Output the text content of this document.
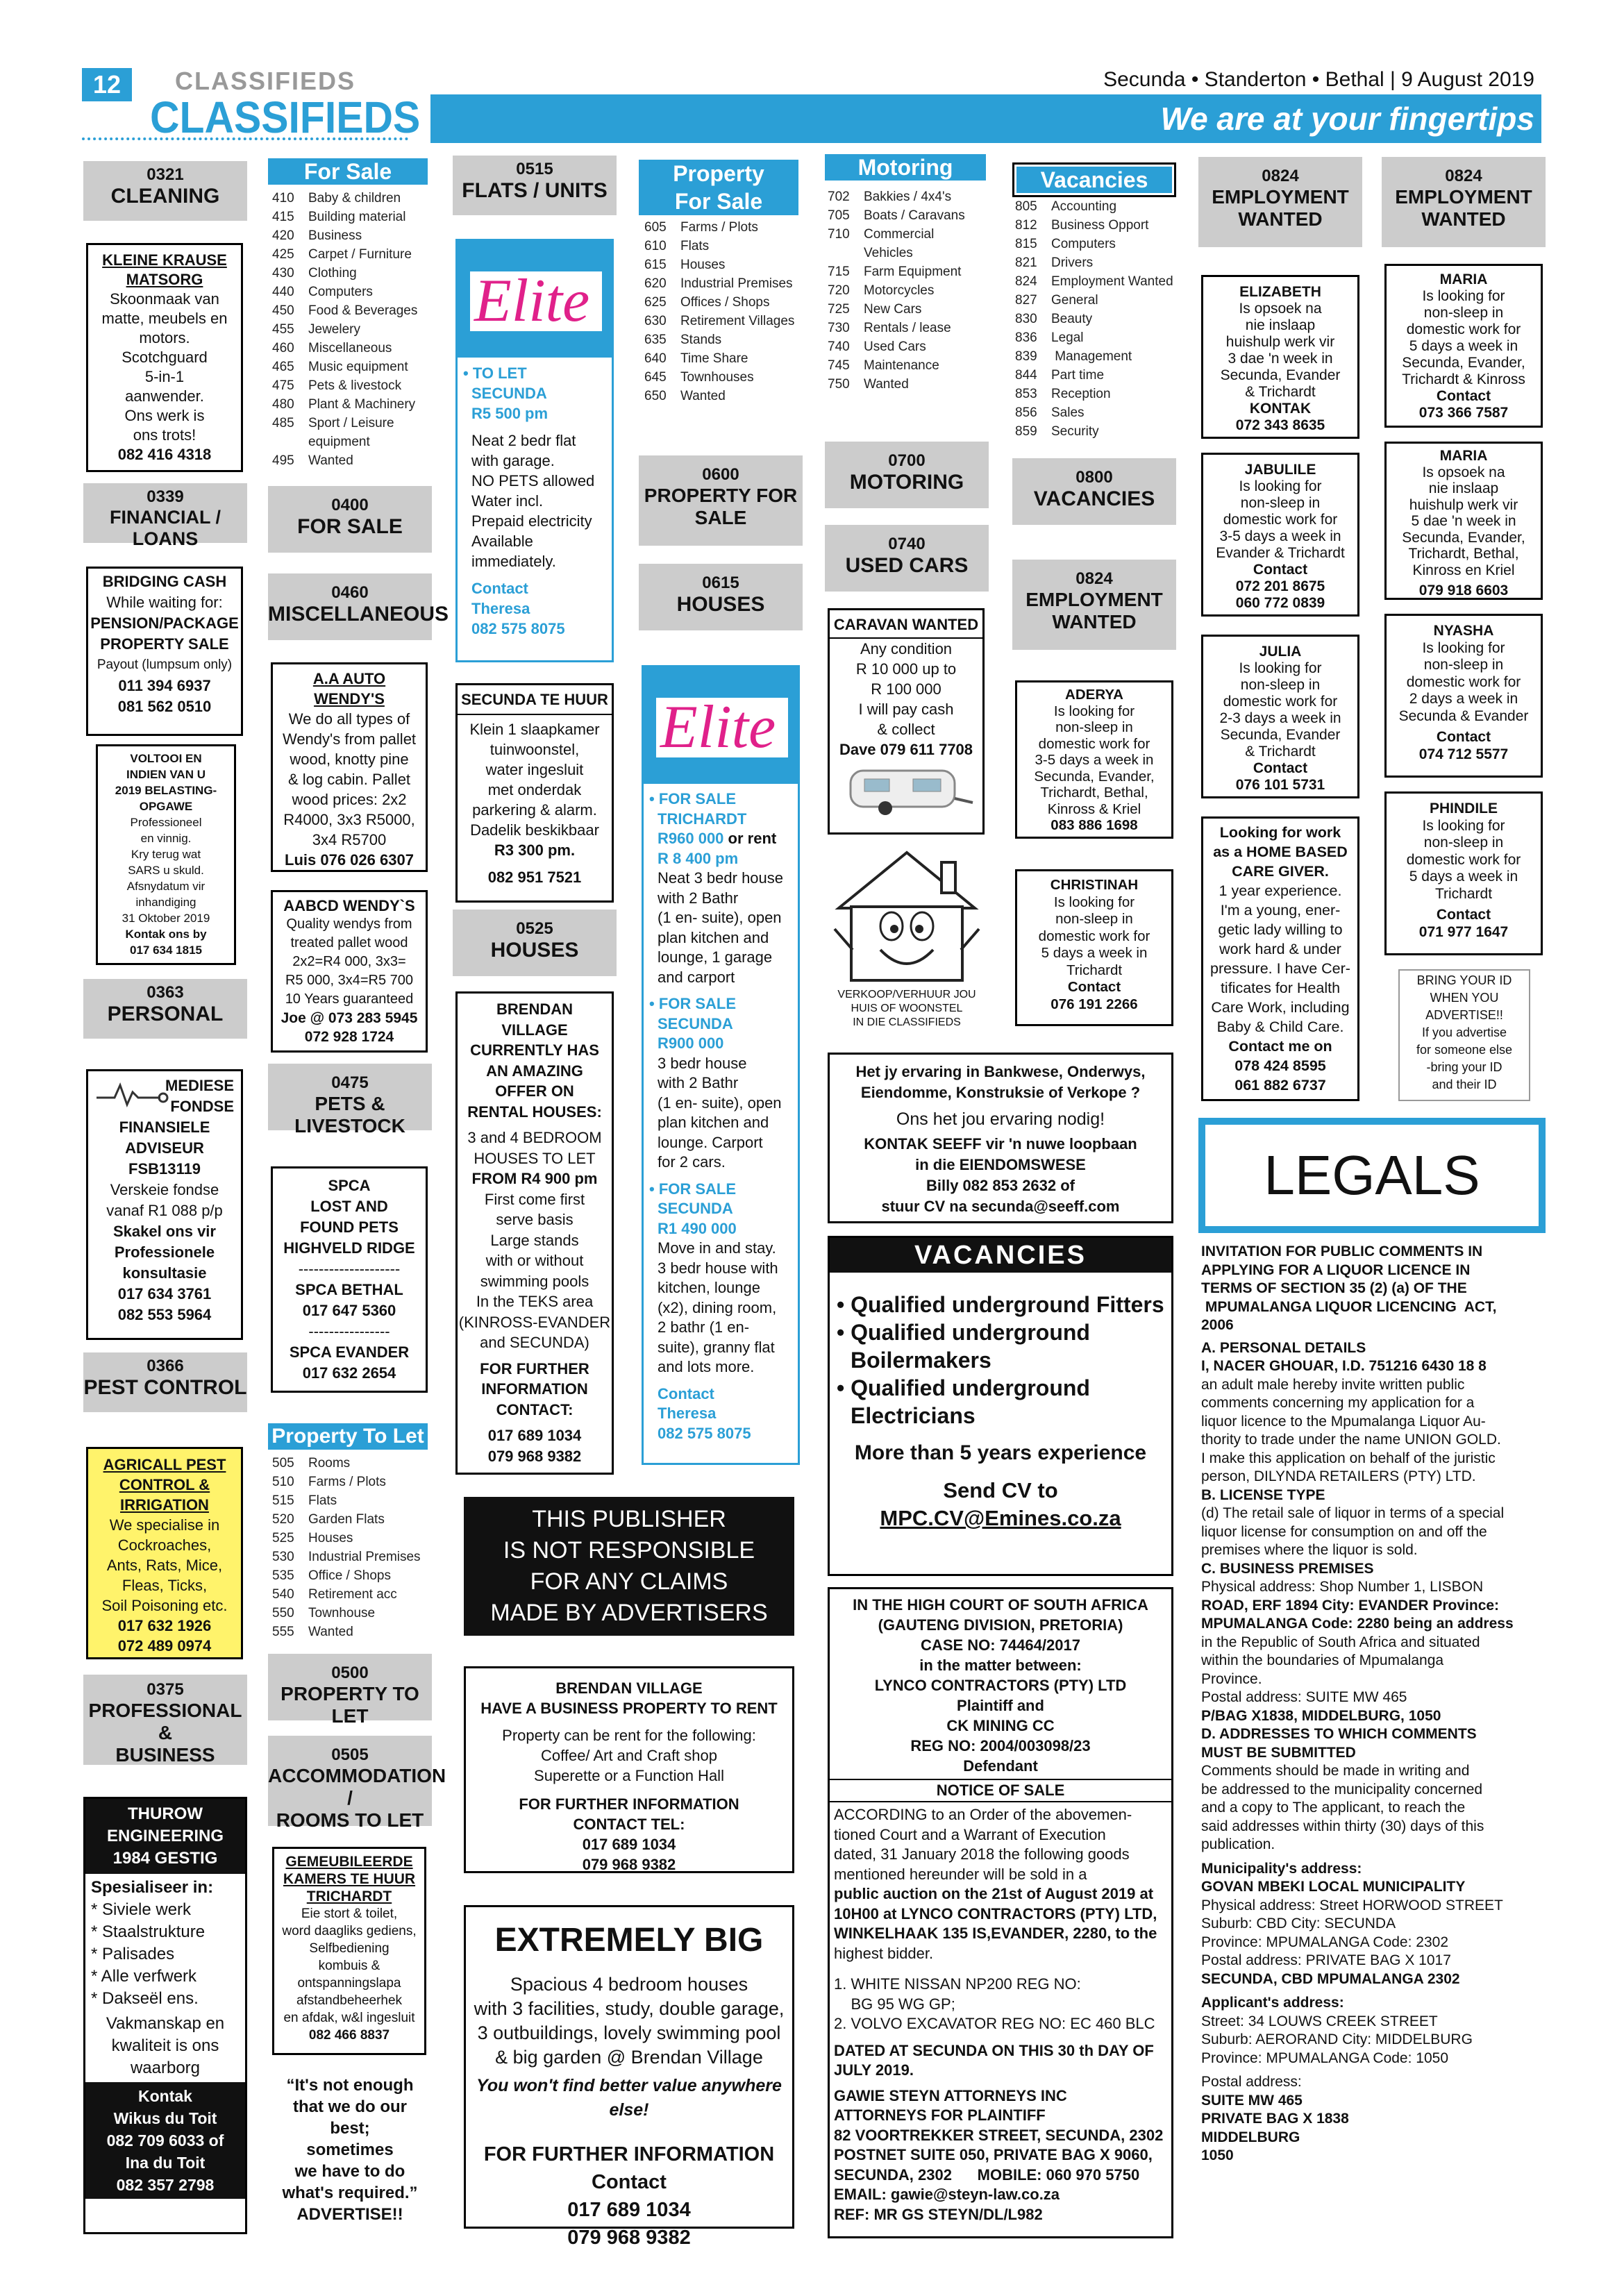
12	CLASSIFIEDS
CLASSIFIEDS
Secunda • Standerton • Bethal | 9 August 2019
We are at your fingertips
0321
CLEANING
KLEINE KRAUSE
MATSORG
Skoonmaak van
matte, meubels en
motors.
Scotchguard
5-in-1
aanwender.
Ons werk is
ons trots!
082 416 4318
0339
FINANCIAL / LOANS
BRIDGING CASH
While waiting for:
PENSION/PACKAGE
PROPERTY SALE
Payout (lumpsum only)
011 394 6937
081 562 0510
VOLTOOI EN
INDIEN VAN U
2019 BELASTING-
OPGAWE
Professioneel
en vinnig.
Kry terug wat
SARS u skuld.
Afsnydatum vir
inhandiging
31 Oktober 2019
Kontak ons by
017 634 1815
0363
PERSONAL
MEDIESE
FONDSE
FINANSIELE
ADVISEUR
FSB13119
Verskeie fondse
vanaf R1 088 p/p
Skakel ons vir
Professionele
konsultasie
017 634 3761
082 553 5964
0366
PEST CONTROL
AGRICALL PEST
CONTROL &
IRRIGATION
We specialise in
Cockroaches,
Ants, Rats, Mice,
Fleas, Ticks,
Soil Poisoning etc.
017 632 1926
072 489 0974
0375
PROFESSIONAL &
BUSINESS
THUROW
ENGINEERING
1984 GESTIG
Spesialiseer in:
* Siviele werk
* Staalstrukture
* Palisades
* Alle verfwerk
* Dakseël ens.
Vakmanskap en
kwaliteit is ons
waarborg
Kontak
Wikus du Toit
082 709 6033 of
Ina du Toit
082 357 2798
For Sale
410 Baby & children
415 Building material
420 Business
425 Carpet / Furniture
430 Clothing
440 Computers
450 Food & Beverages
455 Jewelery
460 Miscellaneous
465 Music equipment
475 Pets & livestock
480 Plant & Machinery
485 Sport / Leisure
equipment
495 Wanted
0400
FOR SALE
0460
MISCELLANEOUS
A.A AUTO
WENDY'S
We do all types of
Wendy's from pallet
wood, knotty pine
& log cabin. Pallet
wood prices: 2x2
R4000, 3x3 R5000,
3x4 R5700
Luis 076 026 6307
AABCD WENDY`S
Quality wendys from
treated pallet wood
2x2=R4 000, 3x3=
R5 000, 3x4=R5 700
10 Years guaranteed
Joe @ 073 283 5945
072 928 1724
0475
PETS & LIVESTOCK
SPCA
LOST AND
FOUND PETS
HIGHVELD RIDGE
--------------------
SPCA BETHAL
017 647 5360
----------------
SPCA EVANDER
017 632 2654
Property To Let
505 Rooms
510 Farms / Plots
515 Flats
520 Garden Flats
525 Houses
530 Industrial Premises
535 Office / Shops
540 Retirement acc
550 Townhouse
555 Wanted
0500
PROPERTY TO LET
0505
ACCOMMODATION /
ROOMS TO LET
GEMEUBILEERDE
KAMERS TE HUUR
TRICHARDT
Eie stort & toilet,
word daagliks gediens,
Selfbediening
kombuis &
ontspanningslapa
afstandbeheerhek
en afdak, w&l ingesluit
082 466 8837
“It's not enough
that we do our
best;
sometimes
we have to do
what's required.”
ADVERTISE!!
0515
FLATS / UNITS
Elite
• TO LET
SECUNDA
R5 500 pm
Neat 2 bedr flat
with garage.
NO PETS allowed
Water incl.
Prepaid electricity
Available
immediately.
Contact
Theresa
082 575 8075
SECUNDA TE HUUR
Klein 1 slaapkamer
tuinwoonstel,
water ingesluit
met onderdak
parkering & alarm.
Dadelik beskikbaar
R3 300 pm.
082 951 7521
0525
HOUSES
BRENDAN
VILLAGE
CURRENTLY HAS
AN AMAZING
OFFER ON
RENTAL HOUSES:
3 and 4 BEDROOM
HOUSES TO LET
FROM R4 900 pm
First come first
serve basis
Large stands
with or without
swimming pools
In the TEKS area
(KINROSS-EVANDER
and SECUNDA)
FOR FURTHER
INFORMATION
CONTACT:
017 689 1034
079 968 9382
THIS PUBLISHER
IS NOT RESPONSIBLE
FOR ANY CLAIMS
MADE BY ADVERTISERS
BRENDAN VILLAGE
HAVE A BUSINESS PROPERTY TO RENT
Property can be rent for the following:
Coffee/ Art and Craft shop
Superette or a Function Hall
FOR FURTHER INFORMATION
CONTACT TEL:
017 689 1034
079 968 9382
EXTREMELY BIG
Spacious 4 bedroom houses
with 3 facilities, study, double garage,
3 outbuildings, lovely swimming pool
& big garden @ Brendan Village
You won't find better value anywhere else!
FOR FURTHER INFORMATION
Contact
017 689 1034
079 968 9382
Property
For Sale
605 Farms / Plots
610 Flats
615 Houses
620 Industrial Premises
625 Offices / Shops
630 Retirement Villages
635 Stands
640 Time Share
645 Townhouses
650 Wanted
0600
PROPERTY FOR
SALE
0615
HOUSES
Elite
• FOR SALE
TRICHARDT
R960 000 or rent
R 8 400 pm
Neat 3 bedr house
with 2 Bathr
(1 en- suite), open
plan kitchen and
lounge, 1 garage
and carport
• FOR SALE
SECUNDA
R900 000
3 bedr house
with 2 Bathr
(1 en- suite), open
plan kitchen and
lounge. Carport
for 2 cars.
• FOR SALE
SECUNDA
R1 490 000
Move in and stay.
3 bedr house with
kitchen, lounge
(x2), dining room,
2 bathr (1 en-
suite), granny flat
and lots more.
Contact
Theresa
082 575 8075
Motoring
702 Bakkies / 4x4's
705 Boats / Caravans
710 Commercial
Vehicles
715 Farm Equipment
720 Motorcycles
725 New Cars
730 Rentals / lease
740 Used Cars
745 Maintenance
750 Wanted
0700
MOTORING
0740
USED CARS
CARAVAN WANTED
Any condition
R 10 000 up to
R 100 000
I will pay cash
& collect
Dave 079 611 7708
VERKOOP/VERHUUR JOU
HUIS OF WOONSTEL
IN DIE CLASSIFIEDS
Vacancies
805 Accounting
812 Business Opport
815 Computers
821 Drivers
824 Employment Wanted
827 General
830 Beauty
836 Legal
839 Management
844 Part time
853 Reception
856 Sales
859 Security
0800
VACANCIES
0824
EMPLOYMENT
WANTED
ADERYA
Is looking for
non-sleep in
domestic work for
3-5 days a week in
Secunda, Evander,
Trichardt, Bethal,
Kinross & Kriel
083 886 1698
CHRISTINAH
Is looking for
non-sleep in
domestic work for
5 days a week in
Trichardt
Contact
076 191 2266
Het jy ervaring in Bankwese, Onderwys,
Eiendomme, Konstruksie of Verkope ?
Ons het jou ervaring nodig!
KONTAK SEEFF vir 'n nuwe loopbaan
in die EIENDOMSWESE
Billy 082 853 2632 of
stuur CV na secunda@seeff.com
VACANCIES
• Qualified underground Fitters
• Qualified underground
Boilermakers
• Qualified underground
Electricians
More than 5 years experience
Send CV to
MPC.CV@Emines.co.za
IN THE HIGH COURT OF SOUTH AFRICA
(GAUTENG DIVISION, PRETORIA)
CASE NO: 74464/2017
in the matter between:
LYNCO CONTRACTORS (PTY) LTD
Plaintiff and
CK MINING CC
REG NO: 2004/003098/23
Defendant
NOTICE OF SALE
ACCORDING to an Order of the abovemen-
tioned Court and a Warrant of Execution
dated, 31 January 2018 the following goods
mentioned hereunder will be sold in a
public auction on the 21st of August 2019 at
10H00 at LYNCO CONTRACTORS (PTY) LTD,
WINKELHAAK 135 IS,EVANDER, 2280, to the
highest bidder.
1. WHITE NISSAN NP200 REG NO:
BG 95 WG GP;
2. VOLVO EXCAVATOR REG NO: EC 460 BLC
DATED AT SECUNDA ON THIS 30 th DAY OF
JULY 2019.
GAWIE STEYN ATTORNEYS INC
ATTORNEYS FOR PLAINTIFF
82 VOORTREKKER STREET, SECUNDA, 2302
POSTNET SUITE 050, PRIVATE BAG X 9060,
SECUNDA, 2302      MOBILE: 060 970 5750
EMAIL: gawie@steyn-law.co.za
REF: MR GS STEYN/DL/L982
0824
EMPLOYMENT
WANTED
ELIZABETH
Is opsoek na
nie inslaap
huishulp werk vir
3 dae 'n week in
Secunda, Evander
& Trichardt
KONTAK
072 343 8635
JABULILE
Is looking for
non-sleep in
domestic work for
3-5 days a week in
Evander & Trichardt
Contact
072 201 8675
060 772 0839
JULIA
Is looking for
non-sleep in
domestic work for
2-3 days a week in
Secunda, Evander
& Trichardt
Contact
076 101 5731
Looking for work
as a HOME BASED
CARE GIVER.
1 year experience.
I'm a young, ener-
getic lady willing to
work hard & under
pressure. I have Cer-
tificates for Health
Care Work, including
Baby & Child Care.
Contact me on
078 424 8595
061 882 6737
0824
EMPLOYMENT
WANTED
MARIA
Is looking for
non-sleep in
domestic work for
5 days a week in
Secunda, Evander,
Trichardt & Kinross
Contact
073 366 7587
MARIA
Is opsoek na
nie inslaap
huishulp werk vir
5 dae 'n week in
Secunda, Evander,
Trichardt, Bethal,
Kinross en Kriel
079 918 6603
NYASHA
Is looking for
non-sleep in
domestic work for
2 days a week in
Secunda & Evander
Contact
074 712 5577
PHINDILE
Is looking for
non-sleep in
domestic work for
5 days a week in
Trichardt
Contact
071 977 1647
BRING YOUR ID
WHEN YOU
ADVERTISE!!
If you advertise
for someone else
-bring your ID
and their ID
LEGALS
INVITATION FOR PUBLIC COMMENTS IN
APPLYING FOR A LIQUOR LICENCE IN
TERMS OF SECTION 35 (2) (a) OF THE
MPUMALANGA LIQUOR LICENCING  ACT,
2006
A. PERSONAL DETAILS
I, NACER GHOUAR, I.D. 751216 6430 18 8
an adult male hereby invite written public
comments concerning my application for a
liquor licence to the Mpumalanga Liquor Au-
thority to trade under the name UNION GOLD.
I make this application on behalf of the juristic
person, DILYNDA RETAILERS (PTY) LTD.
B. LICENSE TYPE
(d) The retail sale of liquor in terms of a special
liquor license for consumption on and off the
premises where the liquor is sold.
C. BUSINESS PREMISES
Physical address: Shop Number 1, LISBON
ROAD, ERF 1894 City: EVANDER Province:
MPUMALANGA Code: 2280 being an address
in the Republic of South Africa and situated
within the boundaries of Mpumalanga
Province.
Postal address: SUITE MW 465
P/BAG X1838, MIDDELBURG, 1050
D. ADDRESSES TO WHICH COMMENTS
MUST BE SUBMITTED
Comments should be made in writing and
be addressed to the municipality concerned
and a copy to The applicant, to reach the
said addresses within thirty (30) days of this
publication.
Municipality's address:
GOVAN MBEKI LOCAL MUNICIPALITY
Physical address: Street HORWOOD STREET
Suburb: CBD City: SECUNDA
Province: MPUMALANGA Code: 2302
Postal address: PRIVATE BAG X 1017
SECUNDA, CBD MPUMALANGA 2302
Applicant's address:
Street: 34 LOUWS CREEK STREET
Suburb: AERORAND City: MIDDELBURG
Province: MPUMALANGA Code: 1050
Postal address:
SUITE MW 465
PRIVATE BAG X 1838
MIDDELBURG
1050
